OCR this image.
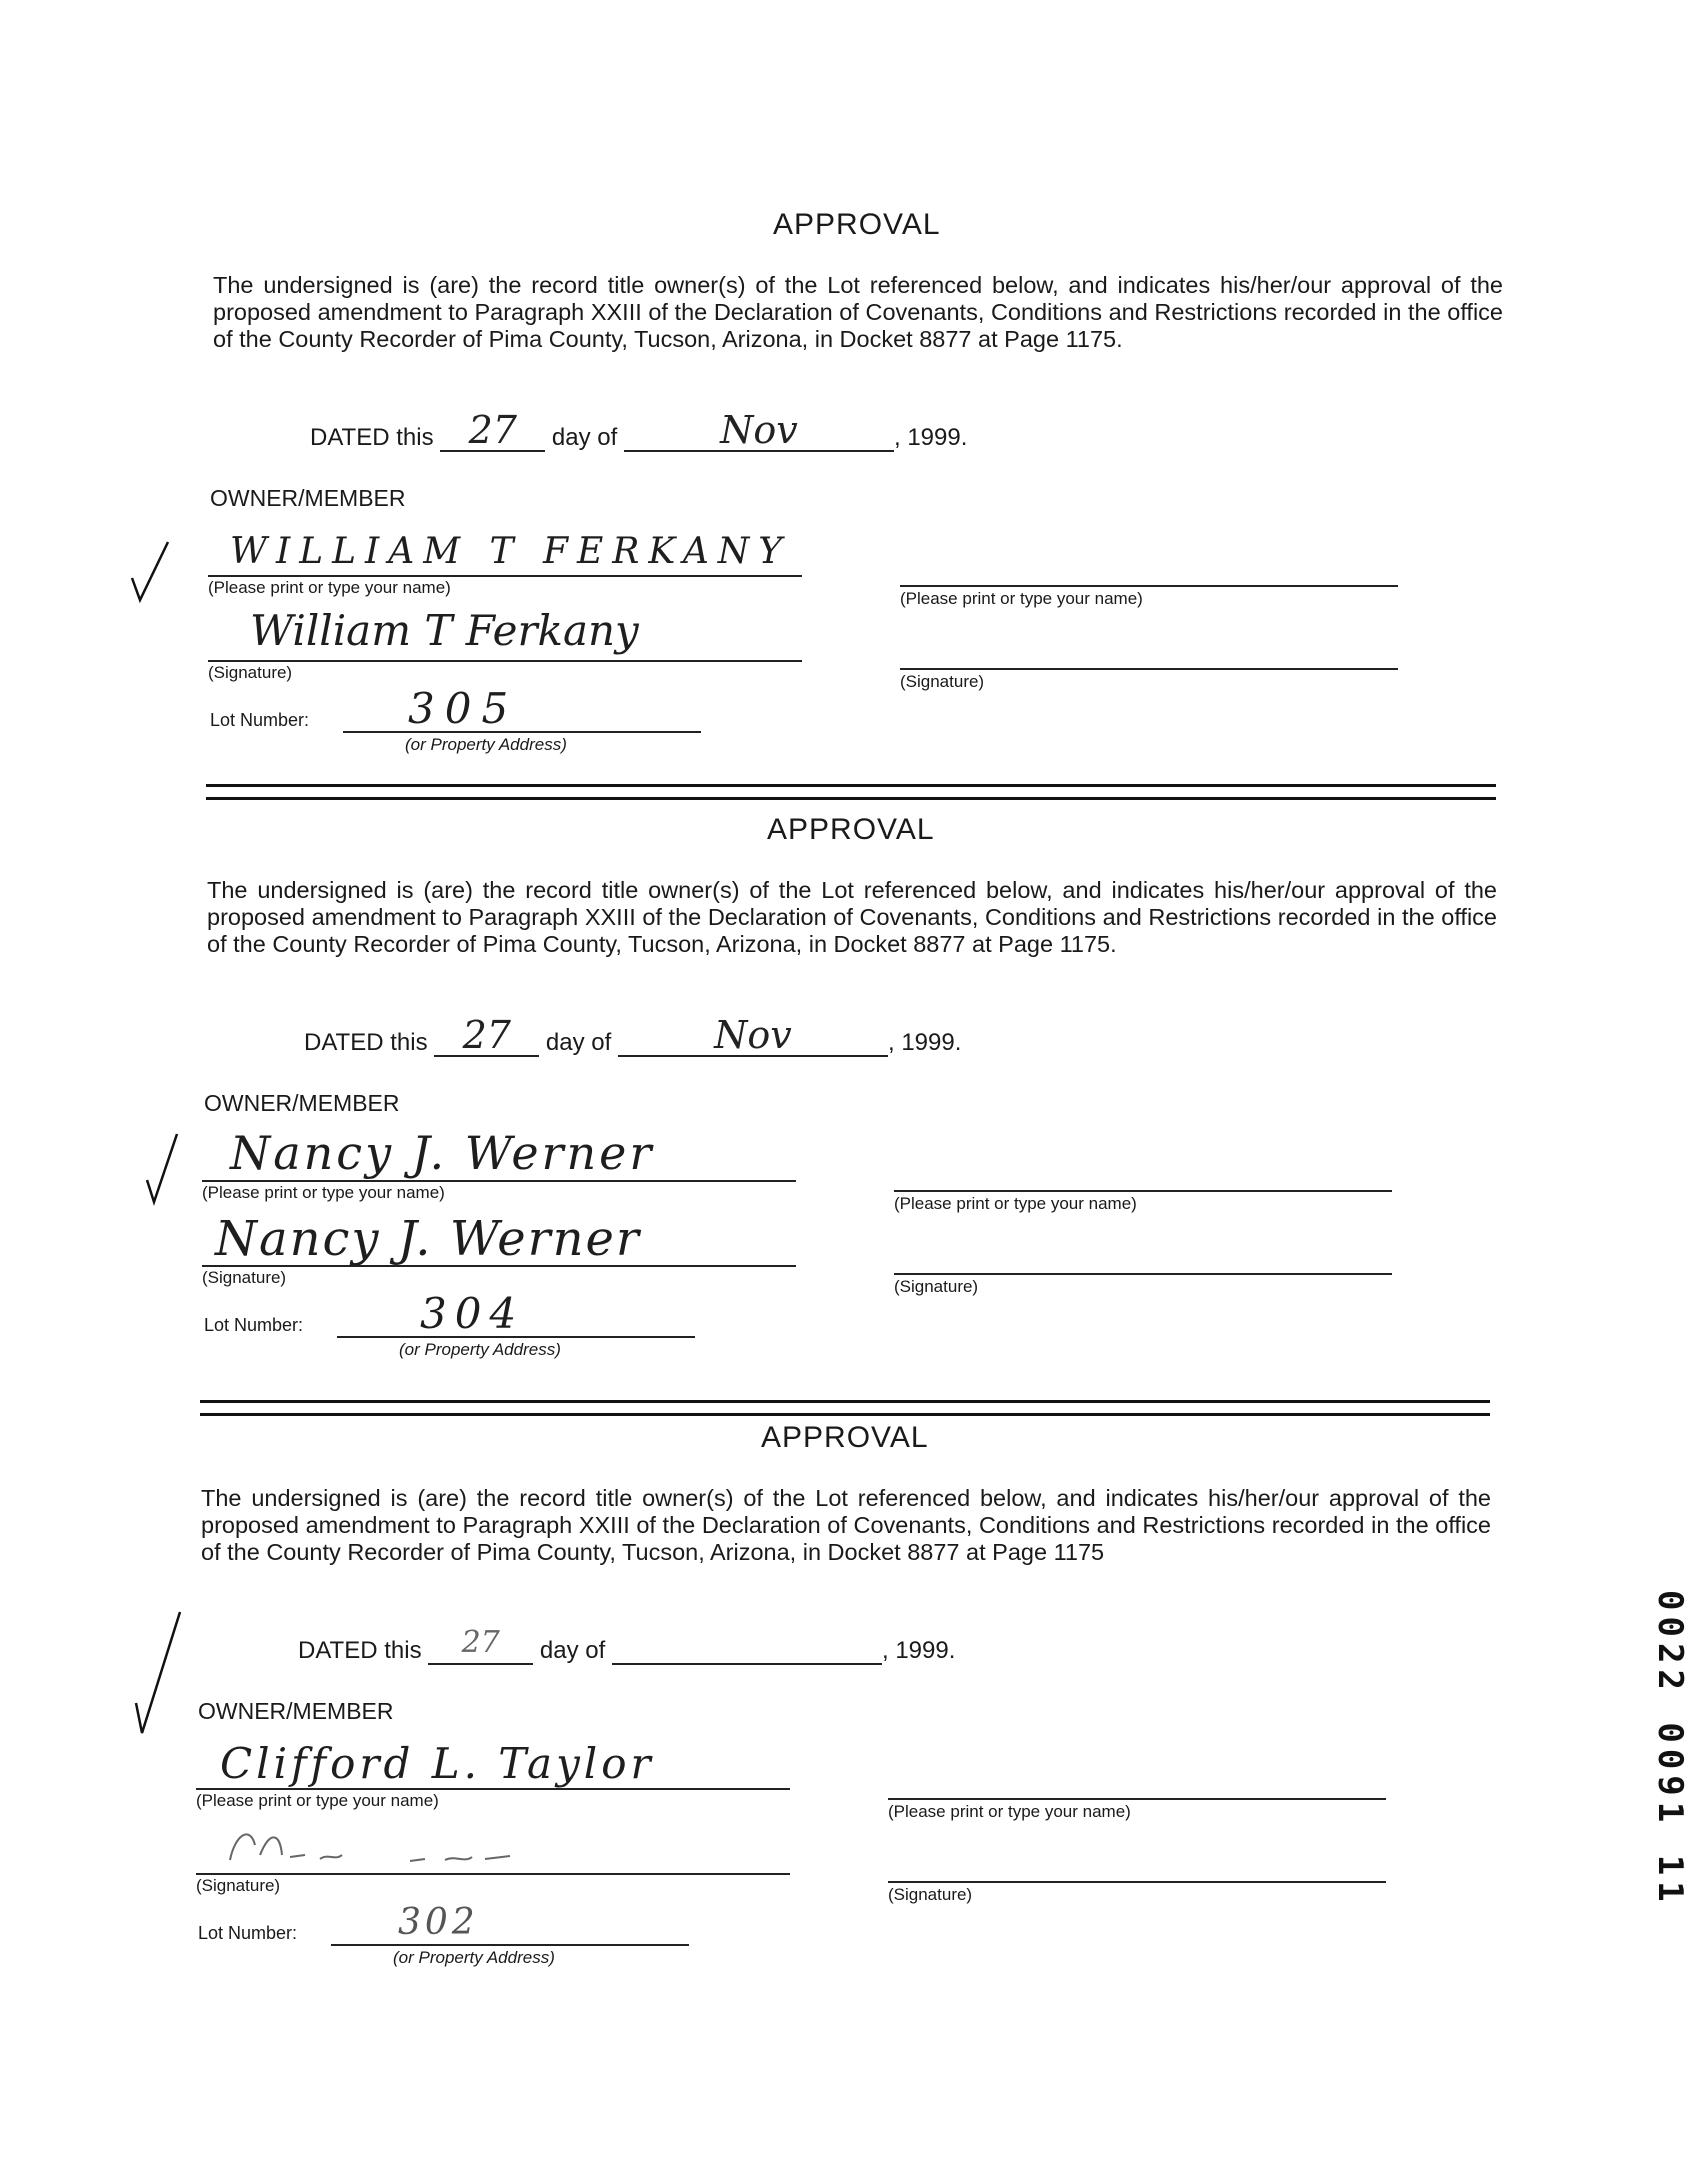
APPROVAL
The undersigned is (are) the record title owner(s) of the Lot referenced below, and indicates his/her/our approval of the proposed amendment to Paragraph XXIII of the Declaration of Covenants, Conditions and Restrictions recorded in the office of the County Recorder of Pima County, Tucson, Arizona, in Docket 8877 at Page 1175.
DATED this 27	day of	Nov	, 1999.
OWNER/MEMBER
WILLIAM T FERKANY
(Please print or type your name)
William T Ferkany
(Signature)
(Please print or type your name)
(Signature)
Lot Number: 305
(or Property Address)
APPROVAL
The undersigned is (are) the record title owner(s) of the Lot referenced below, and indicates his/her/our approval of the proposed amendment to Paragraph XXIII of the Declaration of Covenants, Conditions and Restrictions recorded in the office of the County Recorder of Pima County, Tucson, Arizona, in Docket 8877 at Page 1175.
DATED this 27	day of	Nov	, 1999.
OWNER/MEMBER
Nancy J. Werner
(Please print or type your name)
Nancy J. Werner
(Signature)
(Please print or type your name)
(Signature)
Lot Number:	304
(or Property Address)
APPROVAL
The undersigned is (are) the record title owner(s) of the Lot referenced below, and indicates his/her/our approval of the proposed amendment to Paragraph XXIII of the Declaration of Covenants, Conditions and Restrictions recorded in the office of the County Recorder of Pima County, Tucson, Arizona, in Docket 8877 at Page 1175
DATED this	27	day of	, 1999.
OWNER/MEMBER
Clifford L. Taylor
(Please print or type your name)
(Signature)
(Please print or type your name)
(Signature)
Lot Number:	302
(or Property Address)
0022 0091 11
